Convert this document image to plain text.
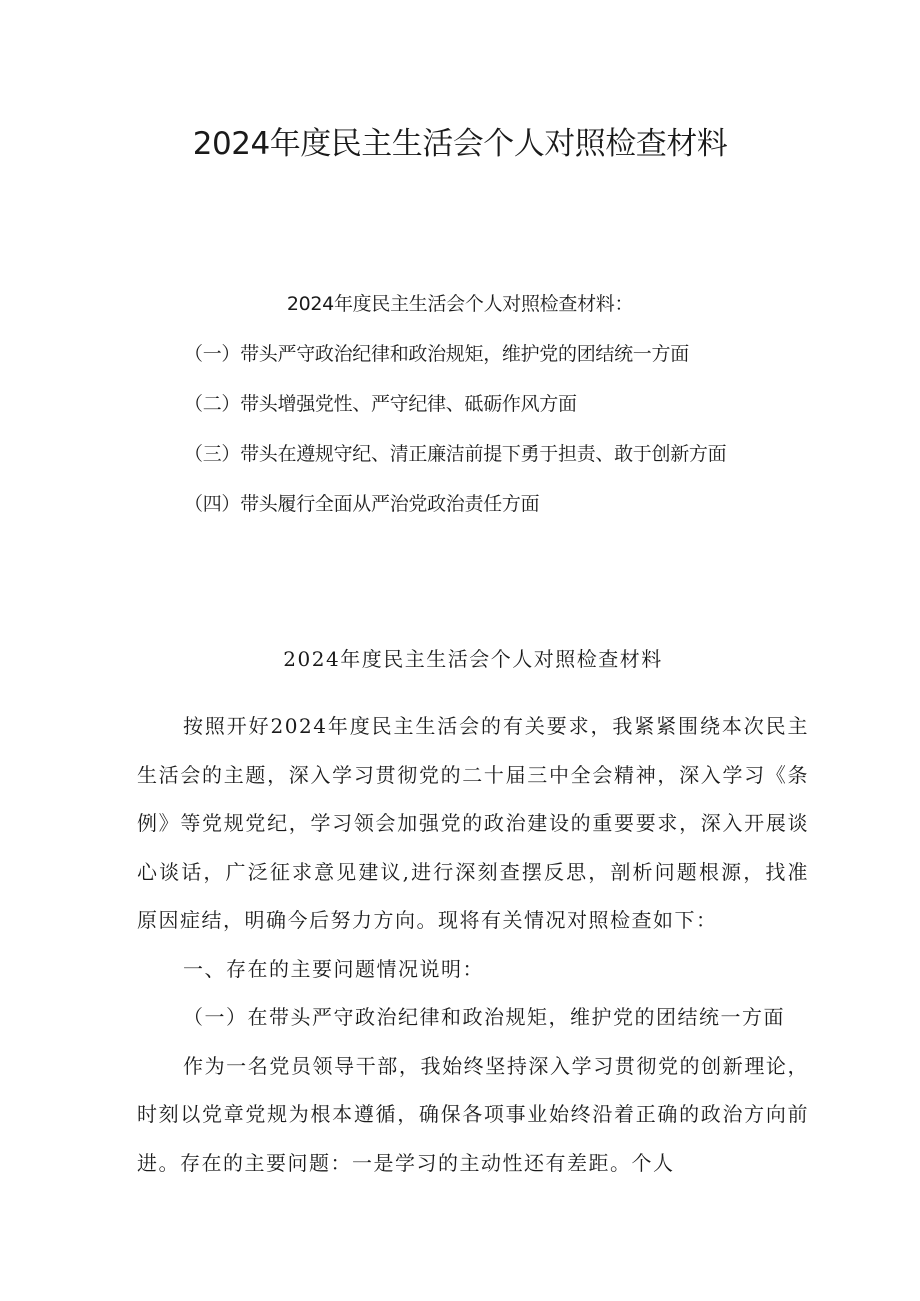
2024年度民主生活会个人对照检查材料
2024年度民主生活会个人对照检查材料：
（一）带头严守政治纪律和政治规矩，维护党的团结统一方面
（二）带头增强党性、严守纪律、砥砺作风方面
（三）带头在遵规守纪、清正廉洁前提下勇于担责、敢于创新方面
（四）带头履行全面从严治党政治责任方面
2024年度民主生活会个人对照检查材料

按照开好2024年度民主生活会的有关要求，我紧紧围绕本次民主生活会的主题，深入学习贯彻党的二十届三中全会精神，深入学习《条例》等党规党纪，学习领会加强党的政治建设的重要要求，深入开展谈心谈话，广泛征求意见建议,进行深刻查摆反思，剖析问题根源，找准原因症结，明确今后努力方向。现将有关情况对照检查如下：

一、存在的主要问题情况说明：

（一）在带头严守政治纪律和政治规矩，维护党的团结统一方面

作为一名党员领导干部，我始终坚持深入学习贯彻党的创新理论，时刻以党章党规为根本遵循，确保各项事业始终沿着正确的政治方向前进。存在的主要问题：一是学习的主动性还有差距。个人
